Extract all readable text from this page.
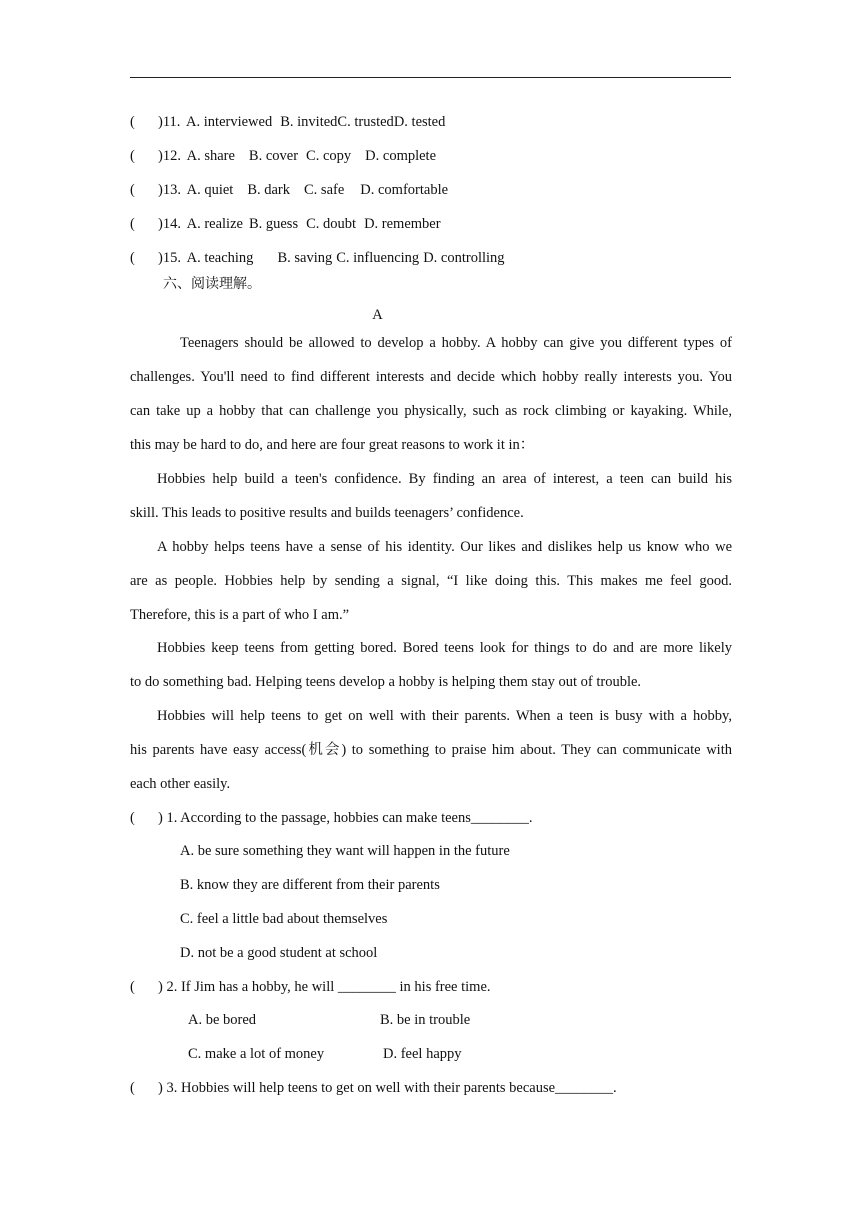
( )11. A. interviewed B. invitedC. trustedD. tested
( )12. A. share B. cover C. copy D. complete
( )13. A. quiet B. dark C. safe D. comfortable
( )14. A. realize B. guess C. doubt D. remember
( )15. A. teaching B. saving C. influencing D. controlling
六、阅读理解。
A
Teenagers should be allowed to develop a hobby. A hobby can give you different types of
challenges. You'll need to find different interests and decide which hobby really interests you. You
can take up a hobby that can challenge you physically, such as rock climbing or kayaking. While,
this may be hard to do, and here are four great reasons to work it in：
Hobbies help build a teen's confidence. By finding an area of interest, a teen can build his
skill. This leads to positive results and builds teenagers’ confidence.
A hobby helps teens have a sense of his identity. Our likes and dislikes help us know who we
are as people. Hobbies help by sending a signal, “I like doing this. This makes me feel good.
Therefore, this is a part of who I am.”
Hobbies keep teens from getting bored. Bored teens look for things to do and are more likely
to do something bad. Helping teens develop a hobby is helping them stay out of trouble.
Hobbies will help teens to get on well with their parents. When a teen is busy with a hobby,
his parents have easy access(机会) to something to praise him about. They can communicate with
each other easily.
( ) 1. According to the passage, hobbies can make teens________.
A. be sure something they want will happen in the future
B. know they are different from their parents
C. feel a little bad about themselves
D. not be a good student at school
( ) 2. If Jim has a hobby, he will ________ in his free time.
A. be bored	B. be in trouble
C. make a lot of money	D. feel happy
( ) 3. Hobbies will help teens to get on well with their parents because________.
